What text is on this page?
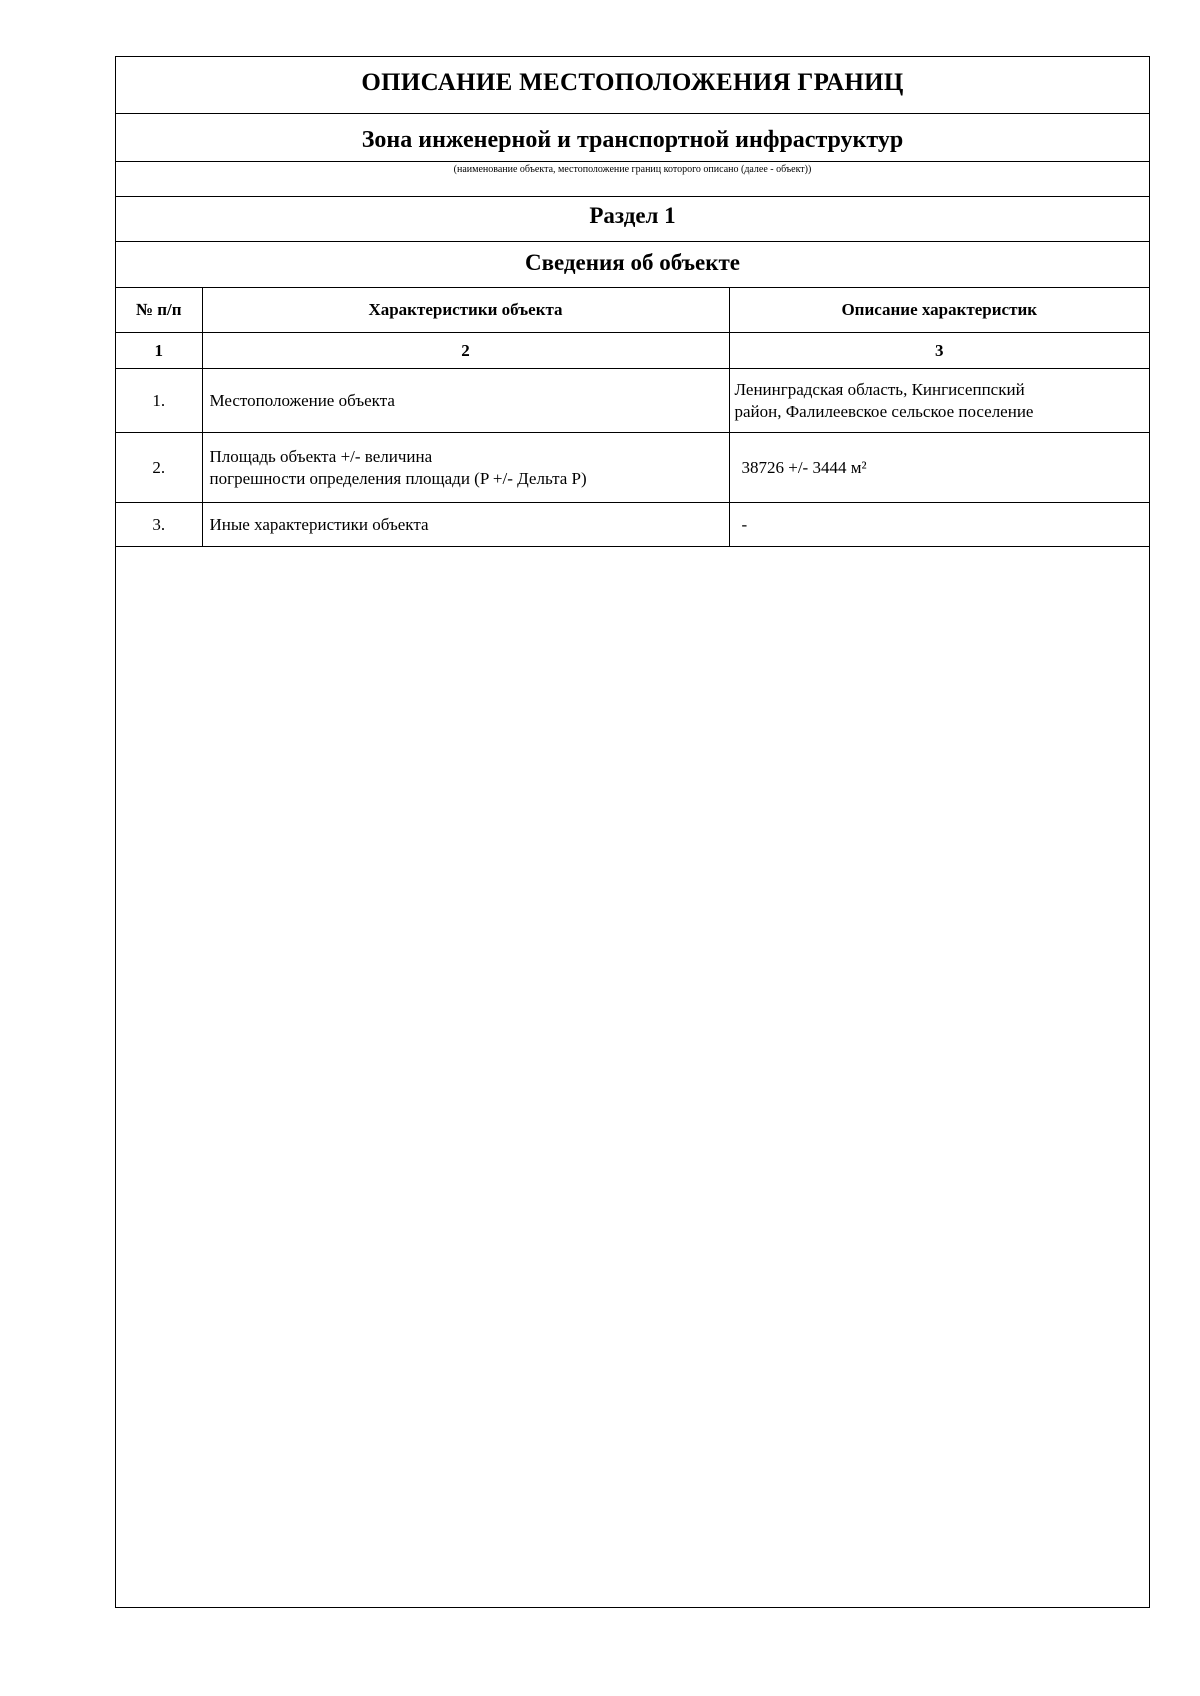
ОПИСАНИЕ МЕСТОПОЛОЖЕНИЯ ГРАНИЦ
Зона инженерной и транспортной инфраструктур
(наименование объекта, местоположение границ которого описано (далее - объект))
Раздел 1
Сведения об объекте
№ п/п	Характеристики объекта	Описание характеристик
1	2	3
1.	Местоположение объекта	Ленинградская область, Кингисеппский
район, Фалилеевское сельское поселение

2.	Площадь объекта +/- величина
погрешности определения площади (P +/- Дельта P)	38726 +/- 3444 м²
3.	Иные характеристики объекта	-
